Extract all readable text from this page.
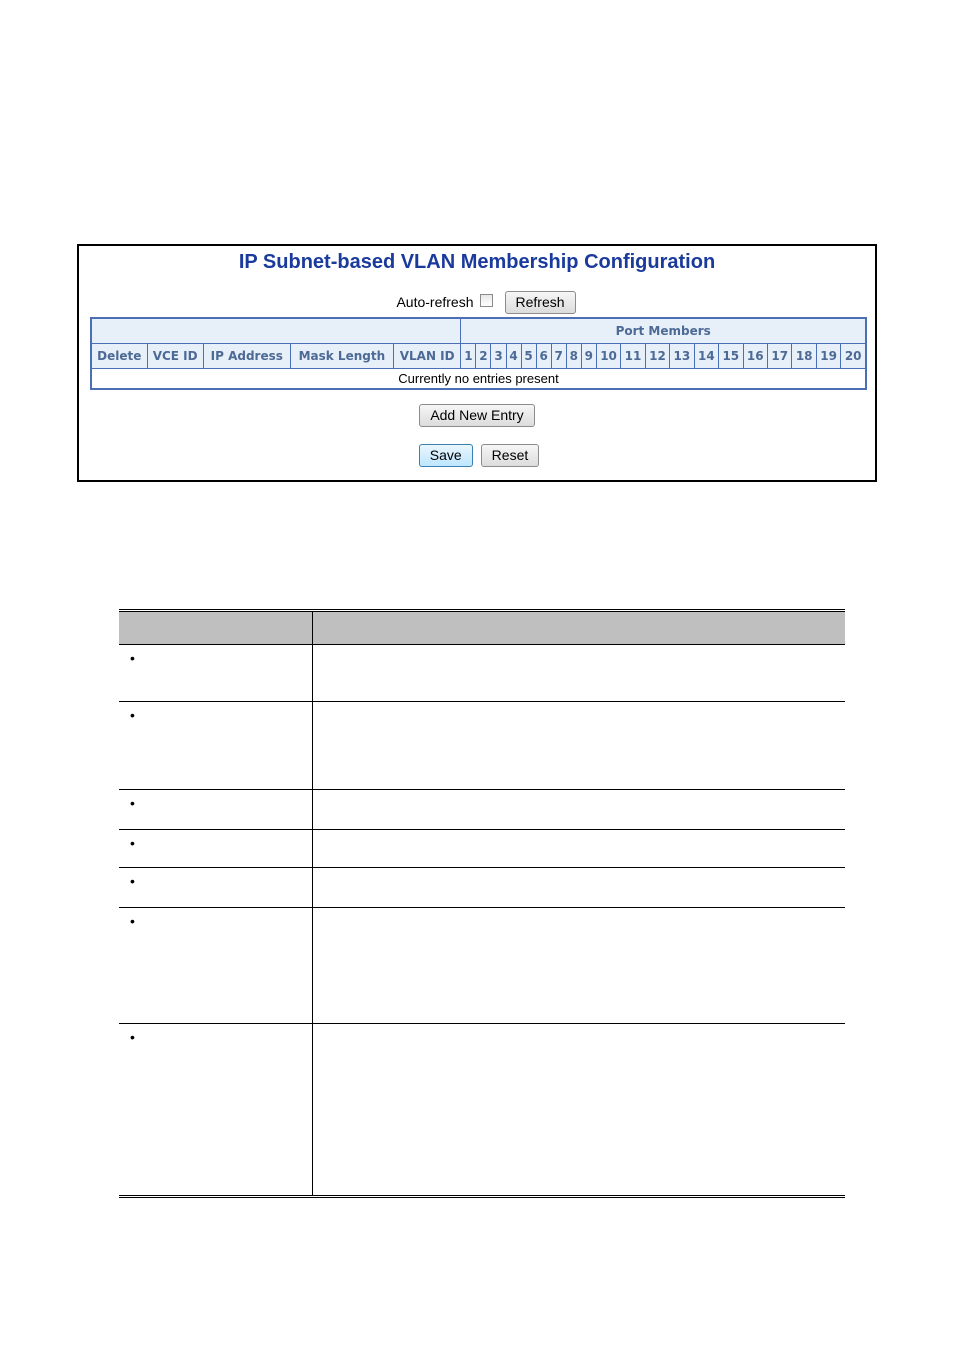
IP Subnet-based VLAN Membership Configuration
Auto-refresh	Refresh
					Port Members																			
Delete	VCE ID	IP Address	Mask Length	VLAN ID	1	2	3	4	5	6	7	8	9	10	11	12	13	14	15	16	17	18	19	20
Currently no entries present																								
Add New Entry
Save	Reset

•	

•	

•	

•	

•	

•	

•	
